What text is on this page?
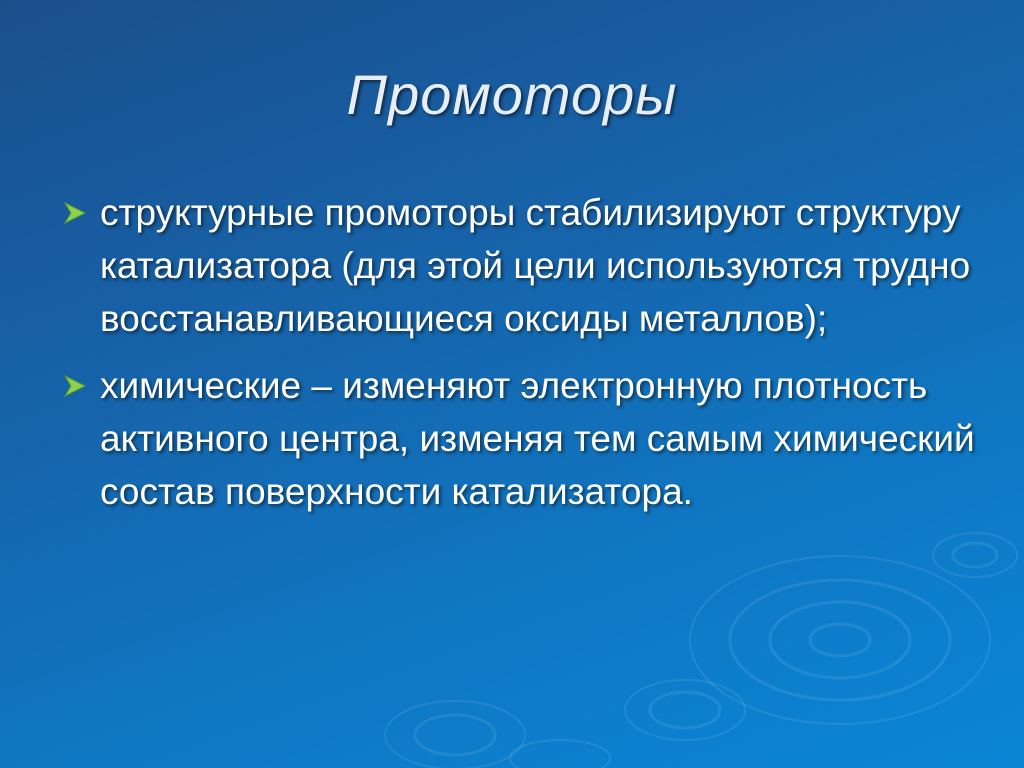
Промоторы
структурные промоторы стабилизируют структуру катализатора (для этой цели используются трудно восстанавливающиеся оксиды металлов);
химические – изменяют электронную плотность активного центра, изменяя тем самым химический состав поверхности катализатора.
